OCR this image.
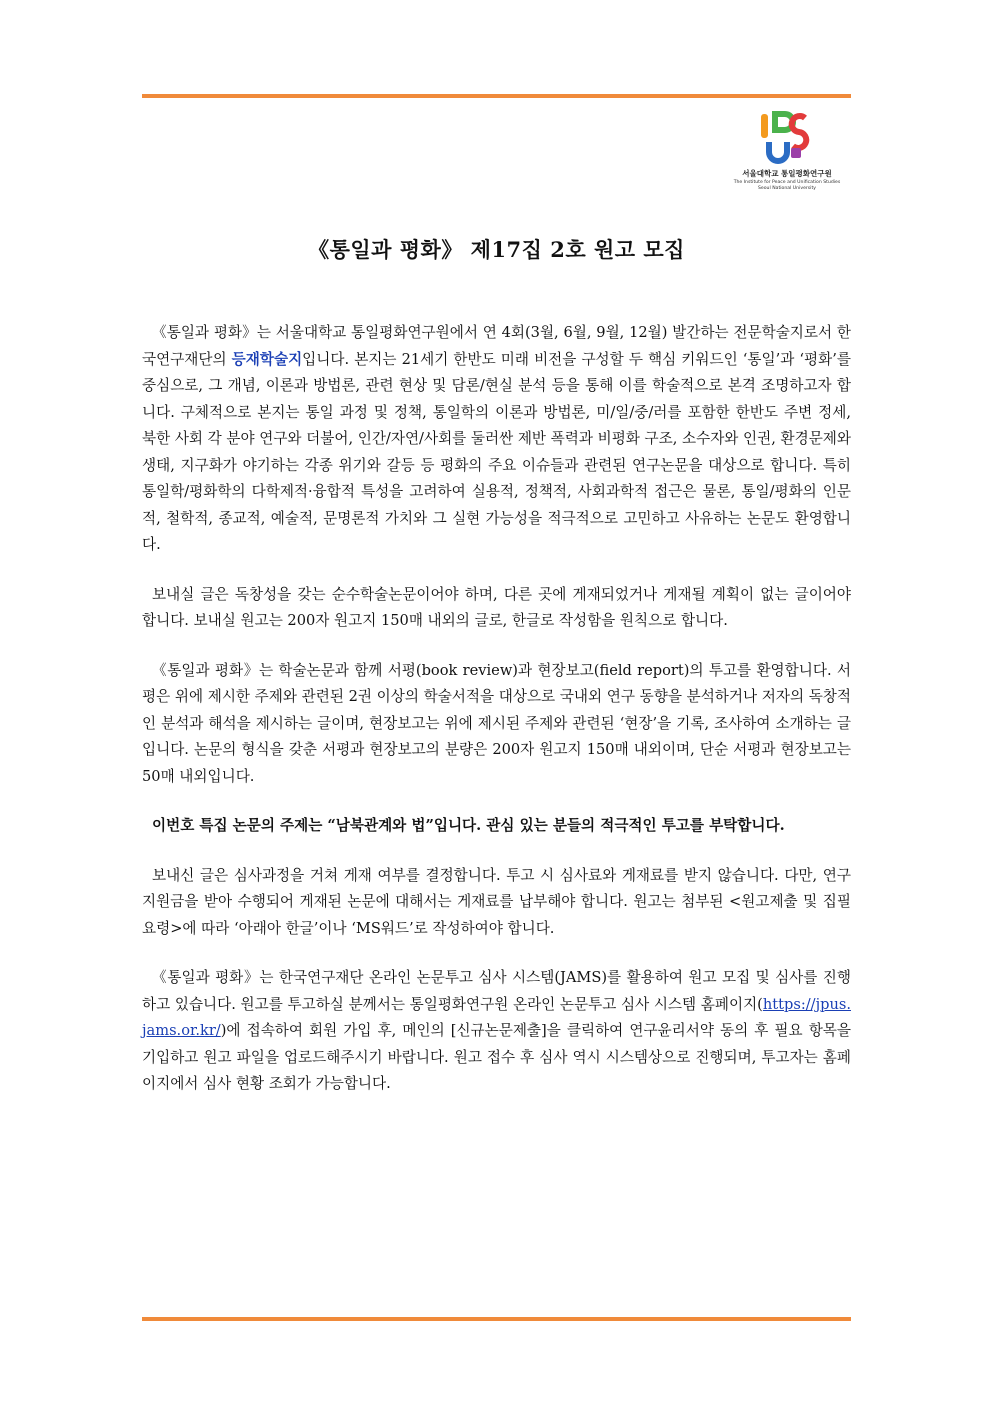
서울대학교 통일평화연구원
The Institute for Peace and Unification Studies
Seoul National University
《통일과 평화》 제17집 2호 원고 모집

《통일과 평화》는 서울대학교 통일평화연구원에서 연 4회(3월, 6월, 9월, 12월) 발간하는 전문학술지로서 한국연구재단의 등재학술지입니다. 본지는 21세기 한반도 미래 비전을 구성할 두 핵심 키워드인 ‘통일’과 ‘평화’를 중심으로, 그 개념, 이론과 방법론, 관련 현상 및 담론/현실 분석 등을 통해 이를 학술적으로 본격 조명하고자 합니다. 구체적으로 본지는 통일 과정 및 정책, 통일학의 이론과 방법론, 미/일/중/러를 포함한 한반도 주변 정세, 북한 사회 각 분야 연구와 더불어, 인간/자연/사회를 둘러싼 제반 폭력과 비평화 구조, 소수자와 인권, 환경문제와 생태, 지구화가 야기하는 각종 위기와 갈등 등 평화의 주요 이슈들과 관련된 연구논문을 대상으로 합니다. 특히 통일학/평화학의 다학제적·융합적 특성을 고려하여 실용적, 정책적, 사회과학적 접근은 물론, 통일/평화의 인문적, 철학적, 종교적, 예술적, 문명론적 가치와 그 실현 가능성을 적극적으로 고민하고 사유하는 논문도 환영합니다.

보내실 글은 독창성을 갖는 순수학술논문이어야 하며, 다른 곳에 게재되었거나 게재될 계획이 없는 글이어야 합니다. 보내실 원고는 200자 원고지 150매 내외의 글로, 한글로 작성함을 원칙으로 합니다.

《통일과 평화》는 학술논문과 함께 서평(book review)과 현장보고(field report)의 투고를 환영합니다. 서평은 위에 제시한 주제와 관련된 2권 이상의 학술서적을 대상으로 국내외 연구 동향을 분석하거나 저자의 독창적인 분석과 해석을 제시하는 글이며, 현장보고는 위에 제시된 주제와 관련된 ‘현장’을 기록, 조사하여 소개하는 글입니다. 논문의 형식을 갖춘 서평과 현장보고의 분량은 200자 원고지 150매 내외이며, 단순 서평과 현장보고는 50매 내외입니다.

이번호 특집 논문의 주제는 “남북관계와 법”입니다. 관심 있는 분들의 적극적인 투고를 부탁합니다.

보내신 글은 심사과정을 거쳐 게재 여부를 결정합니다. 투고 시 심사료와 게재료를 받지 않습니다. 다만, 연구지원금을 받아 수행되어 게재된 논문에 대해서는 게재료를 납부해야 합니다. 원고는 첨부된 <원고제출 및 집필요령>에 따라 ‘아래아 한글’이나 ‘MS워드’로 작성하여야 합니다.

《통일과 평화》는 한국연구재단 온라인 논문투고 심사 시스템(JAMS)를 활용하여 원고 모집 및 심사를 진행하고 있습니다. 원고를 투고하실 분께서는 통일평화연구원 온라인 논문투고 심사 시스템 홈페이지(https://jpus.jams.or.kr/)에 접속하여 회원 가입 후, 메인의 [신규논문제출]을 클릭하여 연구윤리서약 동의 후 필요 항목을 기입하고 원고 파일을 업로드해주시기 바랍니다. 원고 접수 후 심사 역시 시스템상으로 진행되며, 투고자는 홈페이지에서 심사 현황 조회가 가능합니다.
